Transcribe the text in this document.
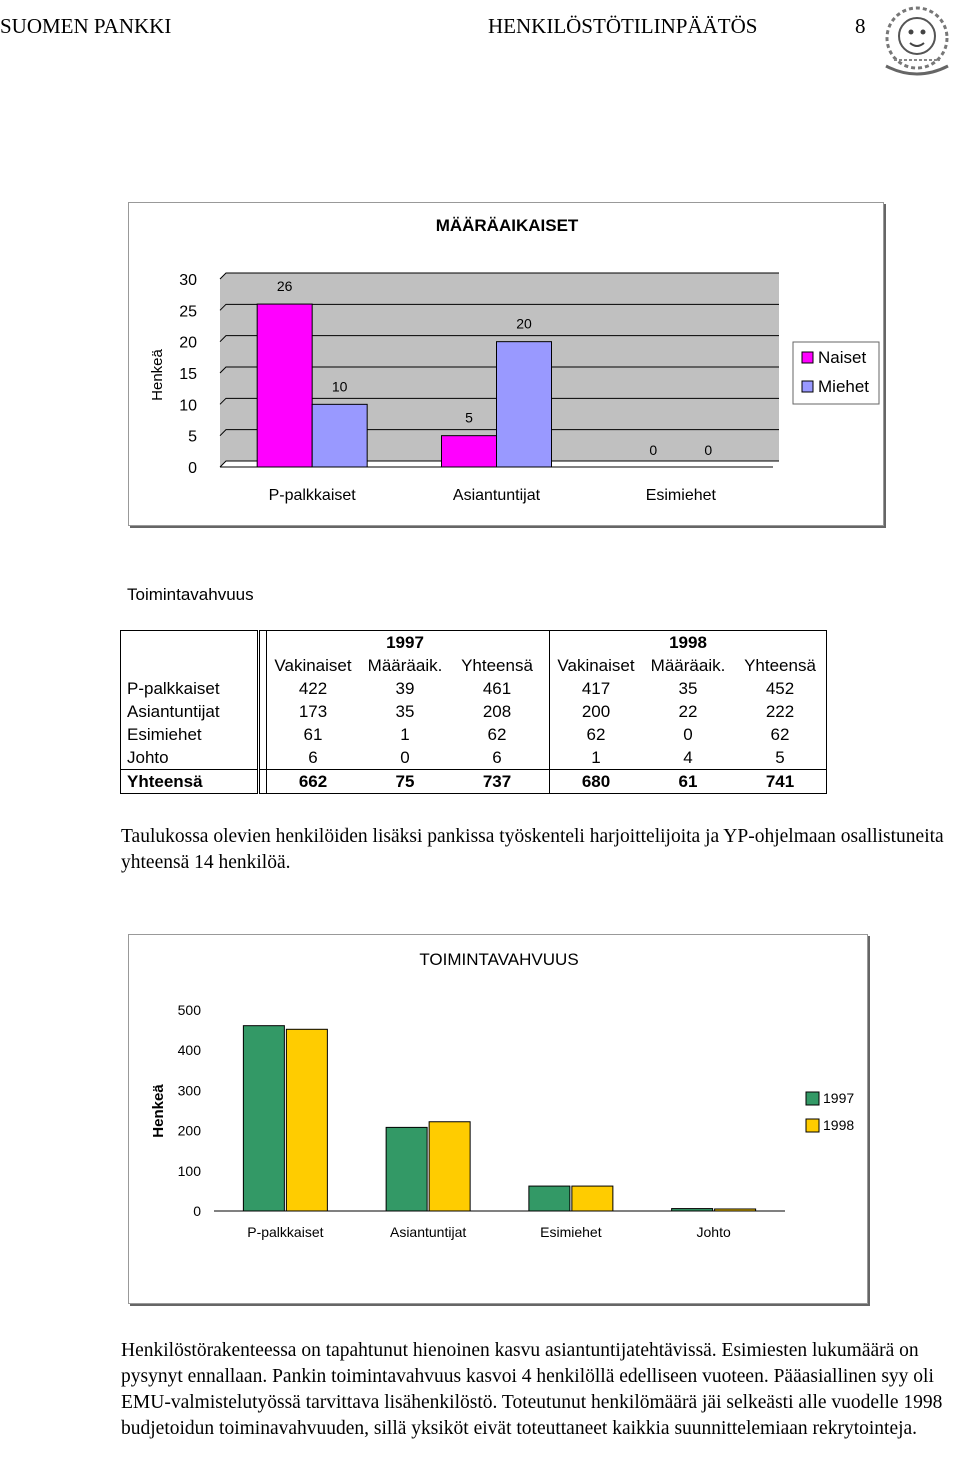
SUOMEN PANKKI	HENKILÖSTÖTILINPÄÄTÖS	8
MÄÄRÄAIKAISET
Henkeä
0
5
10
15
20
25
30
P-palkkaiset
26
10
Asiantuntijat
5
20
Esimiehet
0	0
Naiset
Miehet
Toimintavahvuus
		1997				1998		
		Vakinaiset	Määräaik.	Yhteensä		Vakinaiset	Määräaik.	Yhteensä
P-palkkaiset		422	39	461		417	35	452
Asiantuntijat		173	35	208		200	22	222
Esimiehet		61	1	62		62	0	62
Johto		6	0	6		1	4	5
Yhteensä		662	75	737		680	61	741

Taulukossa olevien henkilöiden lisäksi pankissa työskenteli harjoittelijoita ja YP-ohjelmaan osallistuneita yhteensä 14 henkilöä.

TOIMINTAVAHVUUS
Henkeä
0
100
200
300
400
500
P-palkkaiset	Asiantuntijat	Esimiehet	Johto
1997
1998

Henkilöstörakenteessa on tapahtunut hienoinen kasvu asiantuntijatehtävissä. Esimiesten lukumäärä on pysynyt ennallaan. Pankin toimintavahvuus kasvoi 4 henkilöllä edelliseen vuoteen. Pääasiallinen syy oli EMU-valmistelutyössä tarvittava lisähenkilöstö. Toteutunut henkilömäärä jäi selkeästi alle vuodelle 1998 budjetoidun toiminavahvuuden, sillä yksiköt eivät toteuttaneet kaikkia suunnittelemiaan rekrytointeja.
